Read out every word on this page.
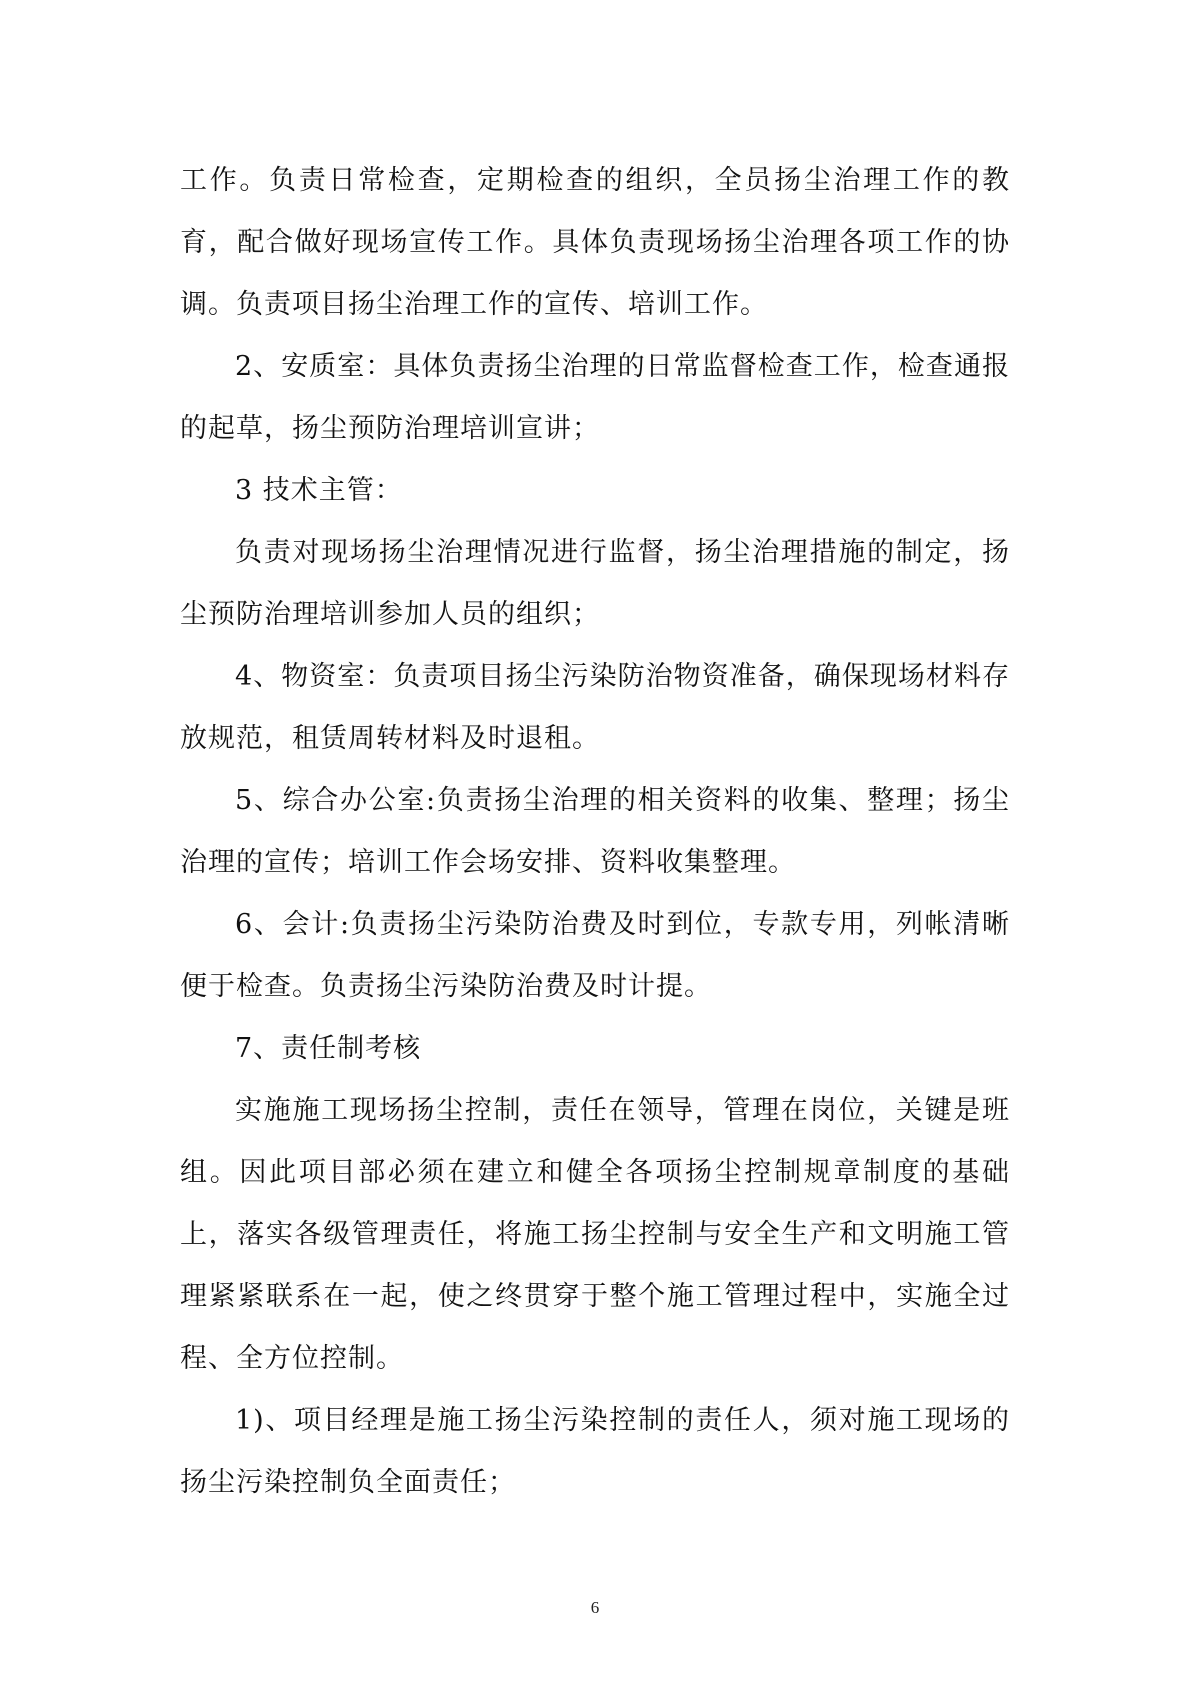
工作。负责日常检查，定期检查的组织，全员扬尘治理工作的教育，配合做好现场宣传工作。具体负责现场扬尘治理各项工作的协调。负责项目扬尘治理工作的宣传、培训工作。

2、安质室：具体负责扬尘治理的日常监督检查工作，检查通报的起草，扬尘预防治理培训宣讲；

3 技术主管：

负责对现场扬尘治理情况进行监督，扬尘治理措施的制定，扬尘预防治理培训参加人员的组织；

4、物资室：负责项目扬尘污染防治物资准备，确保现场材料存放规范，租赁周转材料及时退租。

5、综合办公室:负责扬尘治理的相关资料的收集、整理；扬尘治理的宣传；培训工作会场安排、资料收集整理。

6、会计:负责扬尘污染防治费及时到位，专款专用，列帐清晰便于检查。负责扬尘污染防治费及时计提。

7、责任制考核

实施施工现场扬尘控制，责任在领导，管理在岗位，关键是班组。因此项目部必须在建立和健全各项扬尘控制规章制度的基础上，落实各级管理责任，将施工扬尘控制与安全生产和文明施工管理紧紧联系在一起，使之终贯穿于整个施工管理过程中，实施全过程、全方位控制。

1)、项目经理是施工扬尘污染控制的责任人，须对施工现场的扬尘污染控制负全面责任；

6
